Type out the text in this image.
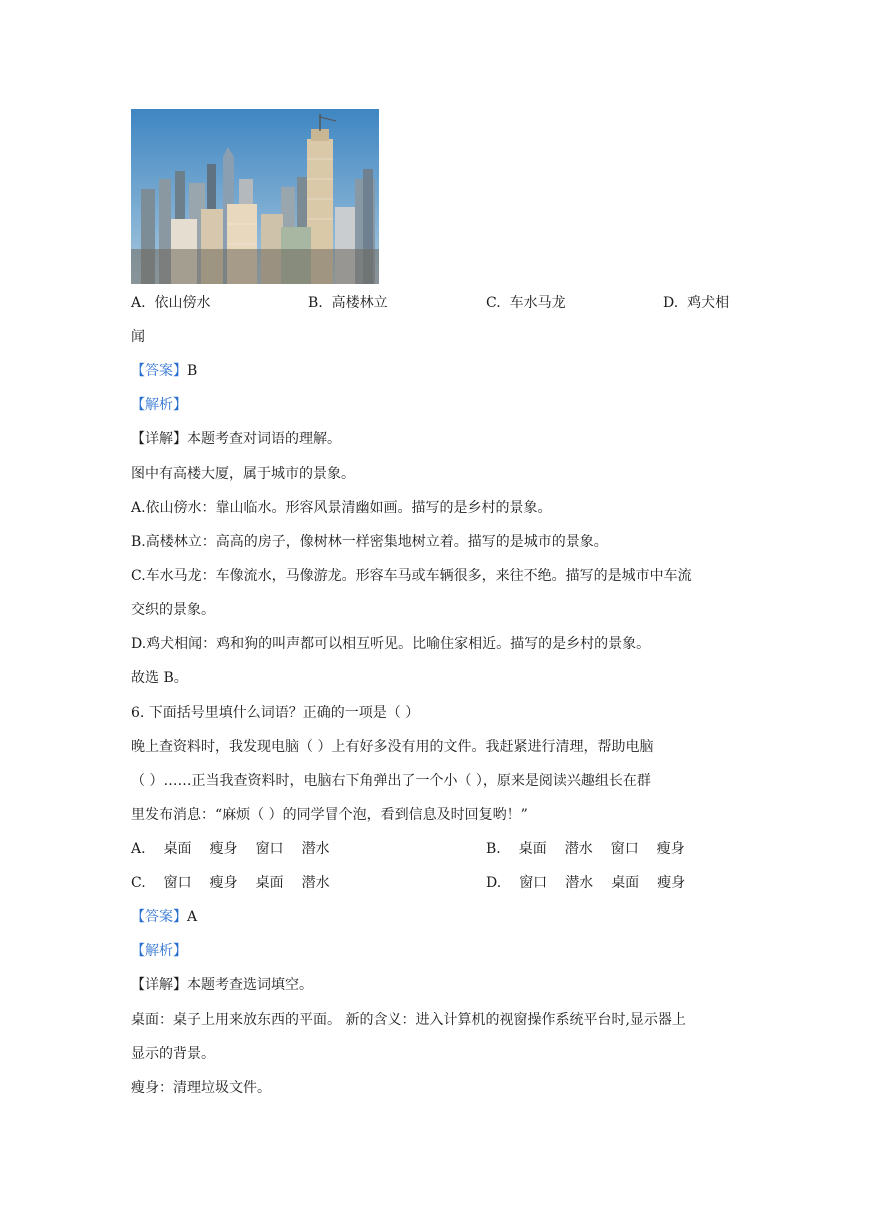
A. 依山傍水	B. 高楼林立	C. 车水马龙	D. 鸡犬相
闻
【答案】B
【解析】
【详解】本题考查对词语的理解。
图中有高楼大厦，属于城市的景象。
A.依山傍水：靠山临水。形容风景清幽如画。描写的是乡村的景象。
B.高楼林立：高高的房子，像树林一样密集地树立着。描写的是城市的景象。
C.车水马龙：车像流水，马像游龙。形容车马或车辆很多，来往不绝。描写的是城市中车流
交织的景象。
D.鸡犬相闻：鸡和狗的叫声都可以相互听见。比喻住家相近。描写的是乡村的景象。
故选 B。
6. 下面括号里填什么词语？正确的一项是（ ）
晚上查资料时，我发现电脑（ ）上有好多没有用的文件。我赶紧进行清理，帮助电脑
（ ）……正当我查资料时，电脑右下角弹出了一个小（ ），原来是阅读兴趣组长在群
里发布消息：“麻烦（ ）的同学冒个泡，看到信息及时回复哟！”
A. 桌面 瘦身 窗口 潜水	B. 桌面 潜水 窗口 瘦身
C. 窗口 瘦身 桌面 潜水	D. 窗口 潜水 桌面 瘦身
【答案】A
【解析】
【详解】本题考查选词填空。
桌面：桌子上用来放东西的平面。 新的含义：进入计算机的视窗操作系统平台时,显示器上
显示的背景。
瘦身：清理垃圾文件。
